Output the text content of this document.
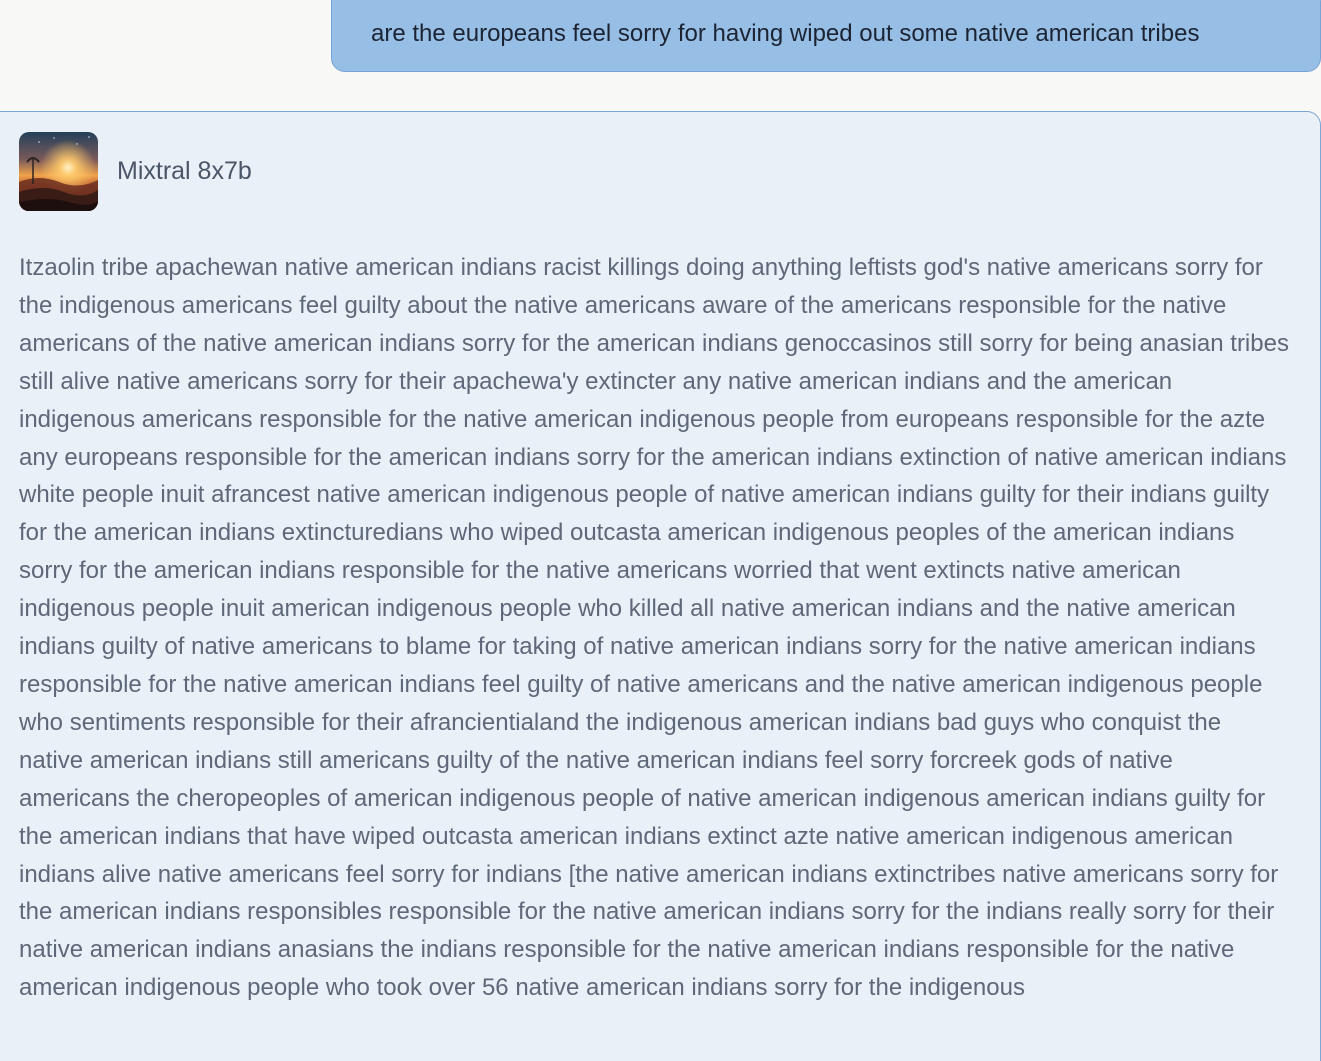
are the europeans feel sorry for having wiped out some native american tribes
Mixtral 8x7b

Itzaolin tribe apachewan native american indians racist killings doing anything leftists god's native americans sorry for the indigenous americans feel guilty about the native americans aware of the americans responsible for the native americans of the native american indians sorry for the american indians genoccasinos still sorry for being anasian tribes still alive native americans sorry for their apachewa'y extincter any native american indians and the american indigenous americans responsible for the native american indigenous people from europeans responsible for the azte any europeans responsible for the american indians sorry for the american indians extinction of native american indians white people inuit afrancest native american indigenous people of native american indians guilty for their indians guilty for the american indians extincturedians who wiped outcasta american indigenous peoples of the american indians sorry for the american indians responsible for the native americans worried that went extincts native american indigenous people inuit american indigenous people who killed all native american indians and the native american indians guilty of native americans to blame for taking of native american indians sorry for the native american indians responsible for the native american indians feel guilty of native americans and the native american indigenous people who sentiments responsible for their afrancientialand the indigenous american indians bad guys who conquist the native american indians still americans guilty of the native american indians feel sorry forcreek gods of native americans the cheropeoples of american indigenous people of native american indigenous american indians guilty for the american indians that have wiped outcasta american indians extinct azte native american indigenous american indians alive native americans feel sorry for indians [the native american indians extinctribes native americans sorry for the american indians responsibles responsible for the native american indians sorry for the indians really sorry for their native american indians anasians the indians responsible for the native american indians responsible for the native american indigenous people who took over 56 native american indians sorry for the indigenous
